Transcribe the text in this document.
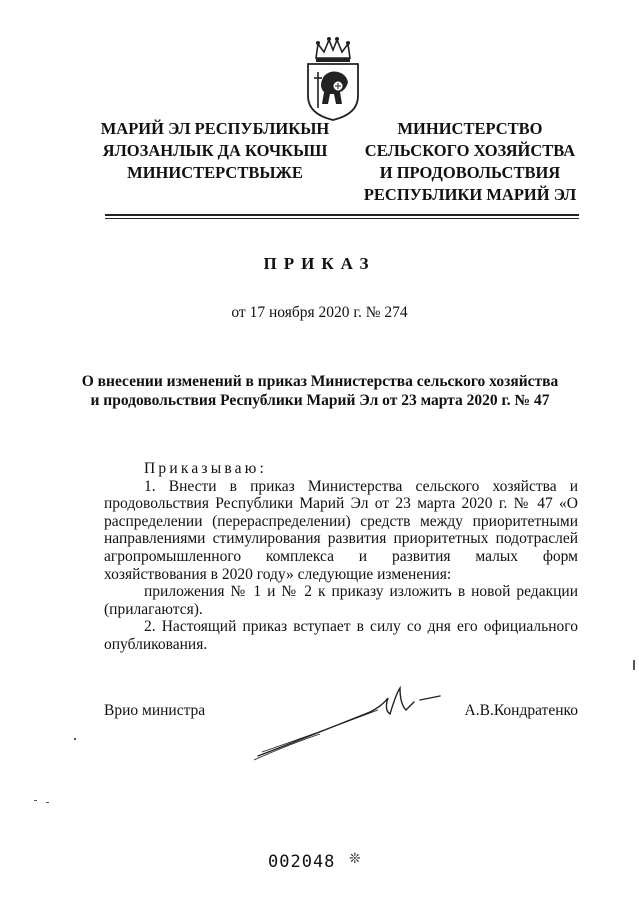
МАРИЙ ЭЛ РЕСПУБЛИКЫН
ЯЛОЗАНЛЫК ДА КОЧКЫШ
МИНИСТЕРСТВЫЖЕ
МИНИСТЕРСТВО
СЕЛЬСКОГО ХОЗЯЙСТВА
И ПРОДОВОЛЬСТВИЯ
РЕСПУБЛИКИ МАРИЙ ЭЛ
ПРИКАЗ
от 17 ноября 2020 г. № 274
О внесении изменений в приказ Министерства сельского хозяйства
и продовольствия Республики Марий Эл от 23 марта 2020 г. № 47

Приказываю:

1. Внести в приказ Министерства сельского хозяйства и продовольствия Республики Марий Эл от 23 марта 2020 г. № 47 «О распределении (перераспределении) средств между приоритетными направлениями стимулирования развития приоритетных подотраслей агропромышленного комплекса и развития малых форм хозяйствования в 2020 году» следующие изменения:

приложения № 1 и № 2 к приказу изложить в новой редакции (прилагаются).

2. Настоящий приказ вступает в силу со дня его официального опубликования.

Врио министра	А.В.Кондратенко
002048 ❊
